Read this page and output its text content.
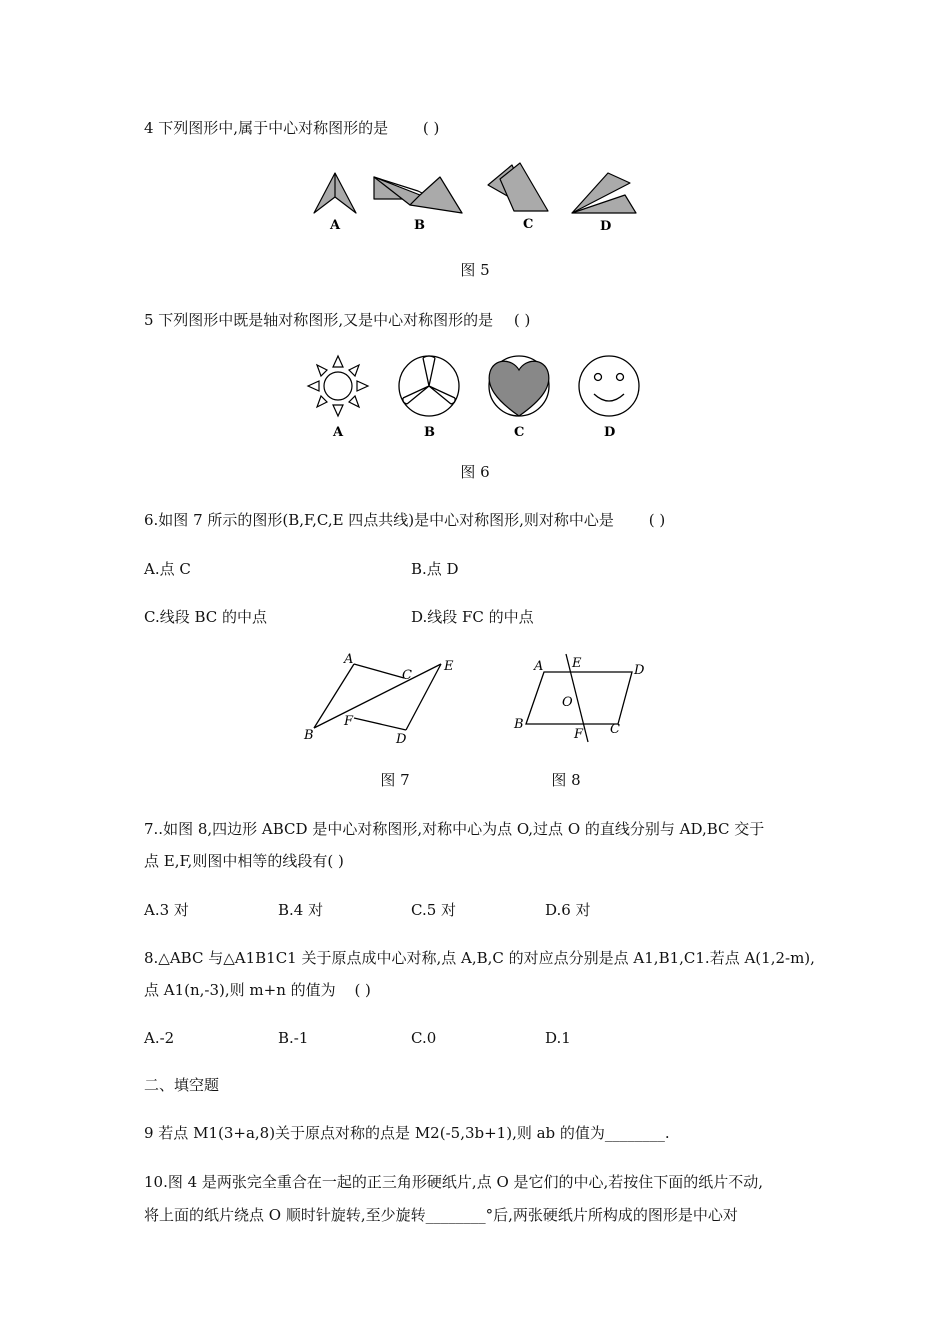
4 下列图形中,属于中心对称图形的是 ( )
A	B	C	D
图 5
5 下列图形中既是轴对称图形,又是中心对称图形的是 ( )
A	B	C	D
图 6
6.如图 7 所示的图形(B,F,C,E 四点共线)是中心对称图形,则对称中心是 ( )
A.点 C	B.点 D
C.线段 BC 的中点	D.线段 FC 的中点
A
C
E
B
F
D
A E	D
O
B
F C
图 7	图 8
7..如图 8,四边形 ABCD 是中心对称图形,对称中心为点 O,过点 O 的直线分别与 AD,BC 交于
点 E,F,则图中相等的线段有( )
A.3 对	B.4 对	C.5 对	D.6 对
8.△ABC 与△A1B1C1 关于原点成中心对称,点 A,B,C 的对应点分别是点 A1,B1,C1.若点 A(1,2-m),
点 A1(n,-3),则 m+n 的值为 ( )
A.-2	B.-1	C.0	D.1
二、填空题
9 若点 M1(3+a,8)关于原点对称的点是 M2(-5,3b+1),则 ab 的值为________.
10.图 4 是两张完全重合在一起的正三角形硬纸片,点 O 是它们的中心,若按住下面的纸片不动,
将上面的纸片绕点 O 顺时针旋转,至少旋转________°后,两张硬纸片所构成的图形是中心对
